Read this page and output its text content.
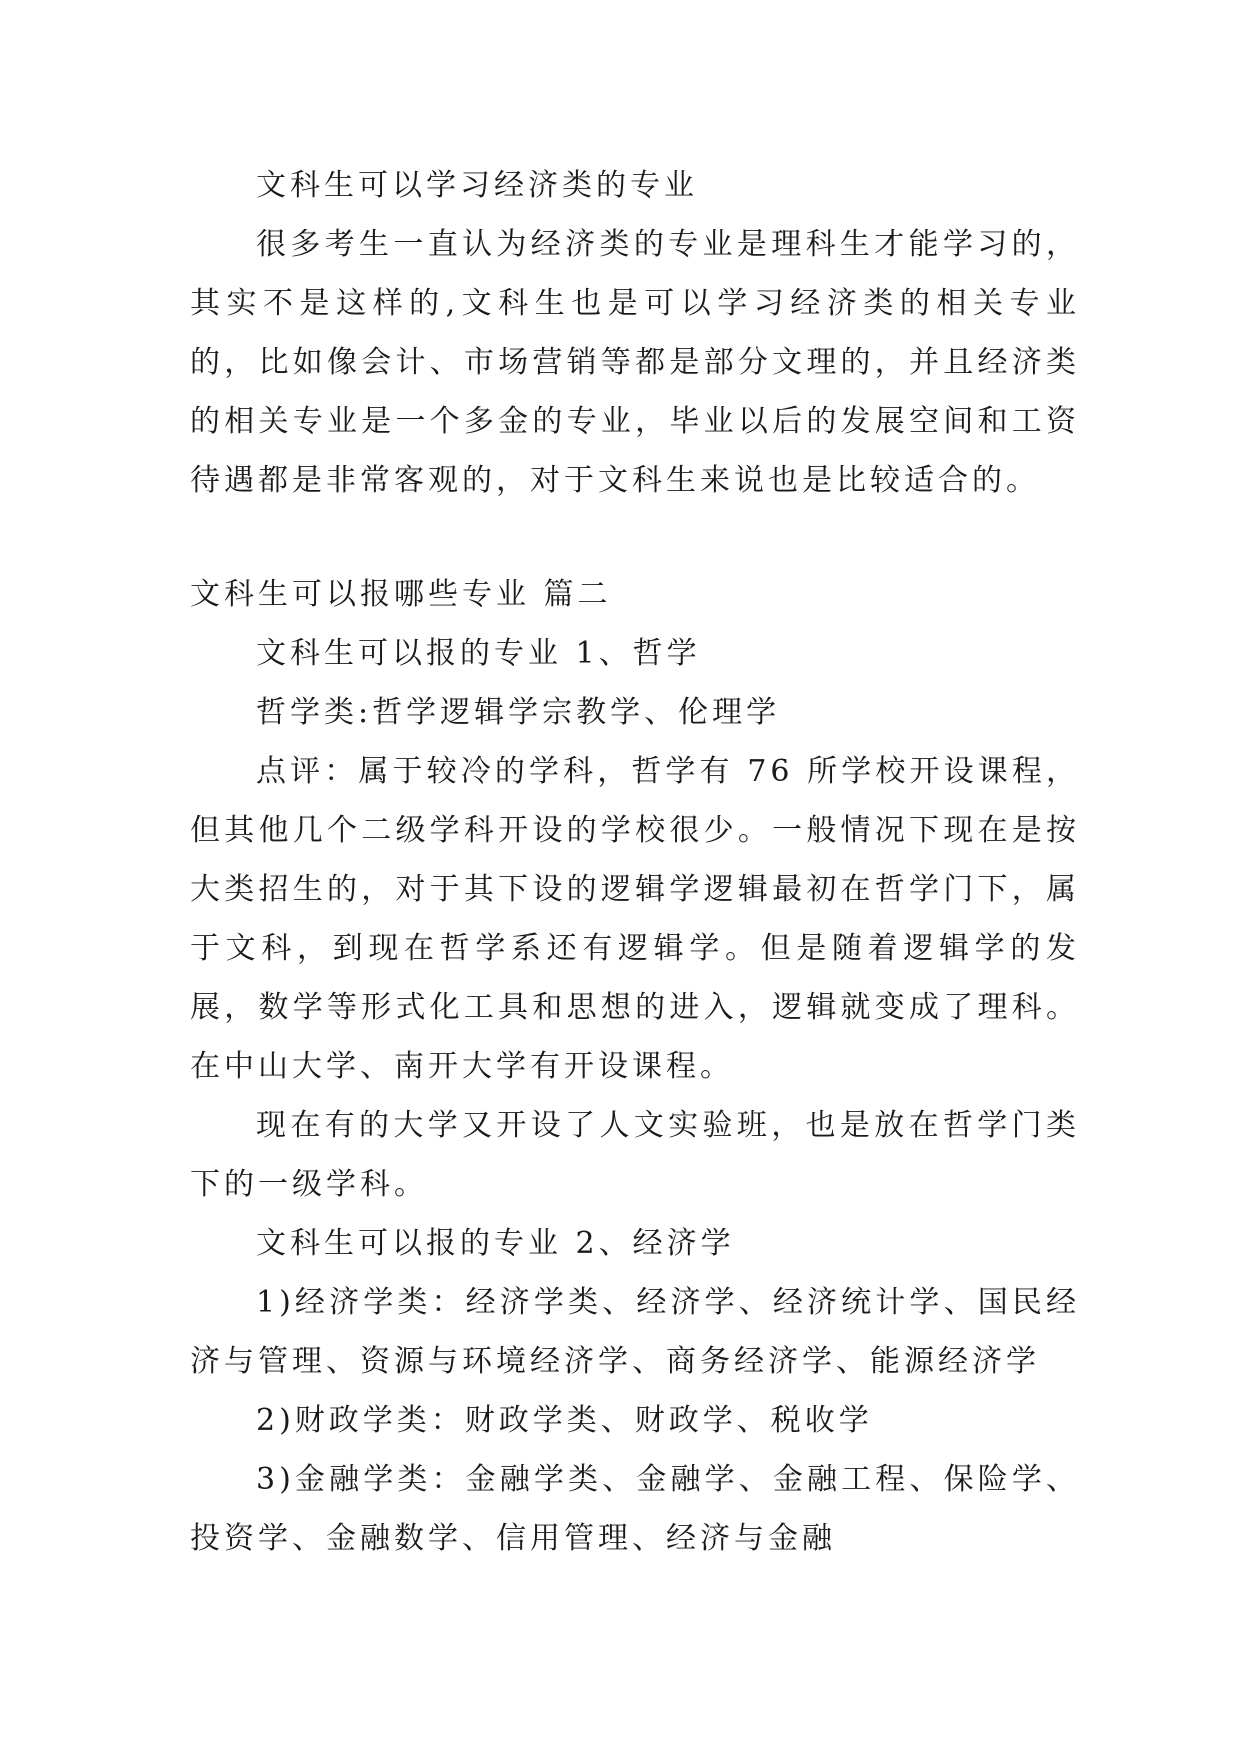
文科生可以学习经济类的专业

很多考生一直认为经济类的专业是理科生才能学习的，其实不是这样的,文科生也是可以学习经济类的相关专业的，比如像会计、市场营销等都是部分文理的，并且经济类的相关专业是一个多金的专业，毕业以后的发展空间和工资待遇都是非常客观的，对于文科生来说也是比较适合的。

文科生可以报哪些专业 篇二

文科生可以报的专业 1、哲学

哲学类:哲学逻辑学宗教学、伦理学

点评：属于较冷的学科，哲学有 76 所学校开设课程，但其他几个二级学科开设的学校很少。一般情况下现在是按大类招生的，对于其下设的逻辑学逻辑最初在哲学门下，属于文科，到现在哲学系还有逻辑学。但是随着逻辑学的发展，数学等形式化工具和思想的进入，逻辑就变成了理科。在中山大学、南开大学有开设课程。

现在有的大学又开设了人文实验班，也是放在哲学门类下的一级学科。

文科生可以报的专业 2、经济学

1)经济学类：经济学类、经济学、经济统计学、国民经济与管理、资源与环境经济学、商务经济学、能源经济学

2)财政学类：财政学类、财政学、税收学

3)金融学类：金融学类、金融学、金融工程、保险学、投资学、金融数学、信用管理、经济与金融
